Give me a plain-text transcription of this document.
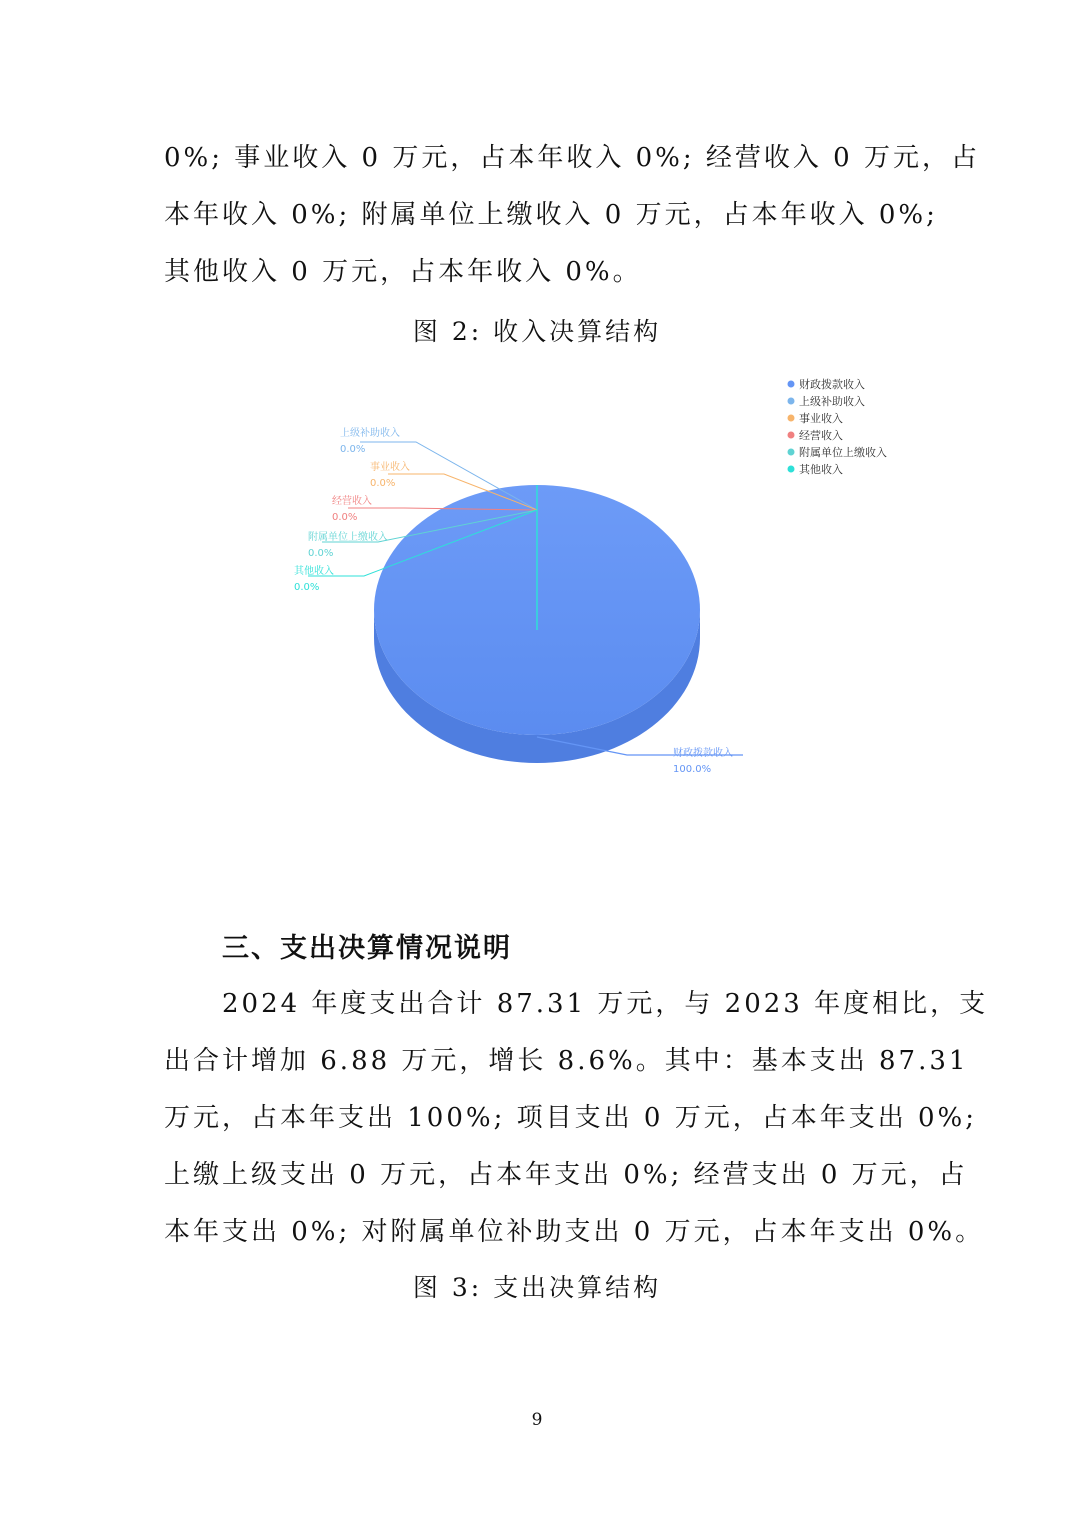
0%; 事业收入 0 万元，占本年收入 0%; 经营收入 0 万元，占
本年收入 0%; 附属单位上缴收入 0 万元，占本年收入 0%;
其他收入 0 万元，占本年收入 0%。
图 2: 收入决算结构
财政拨款收入
100.0%
上级补助收入
0.0%
事业收入
0.0%
经营收入
0.0%
附属单位上缴收入
0.0%
其他收入
0.0%
财政拨款收入
上级补助收入
事业收入
经营收入
附属单位上缴收入
其他收入
三、支出决算情况说明
2024 年度支出合计 87.31 万元，与 2023 年度相比，支
出合计增加 6.88 万元，增长 8.6%。其中：基本支出 87.31
万元，占本年支出 100%; 项目支出 0 万元，占本年支出 0%;
上缴上级支出 0 万元，占本年支出 0%; 经营支出 0 万元，占
本年支出 0%; 对附属单位补助支出 0 万元，占本年支出 0%。
图 3: 支出决算结构
9
